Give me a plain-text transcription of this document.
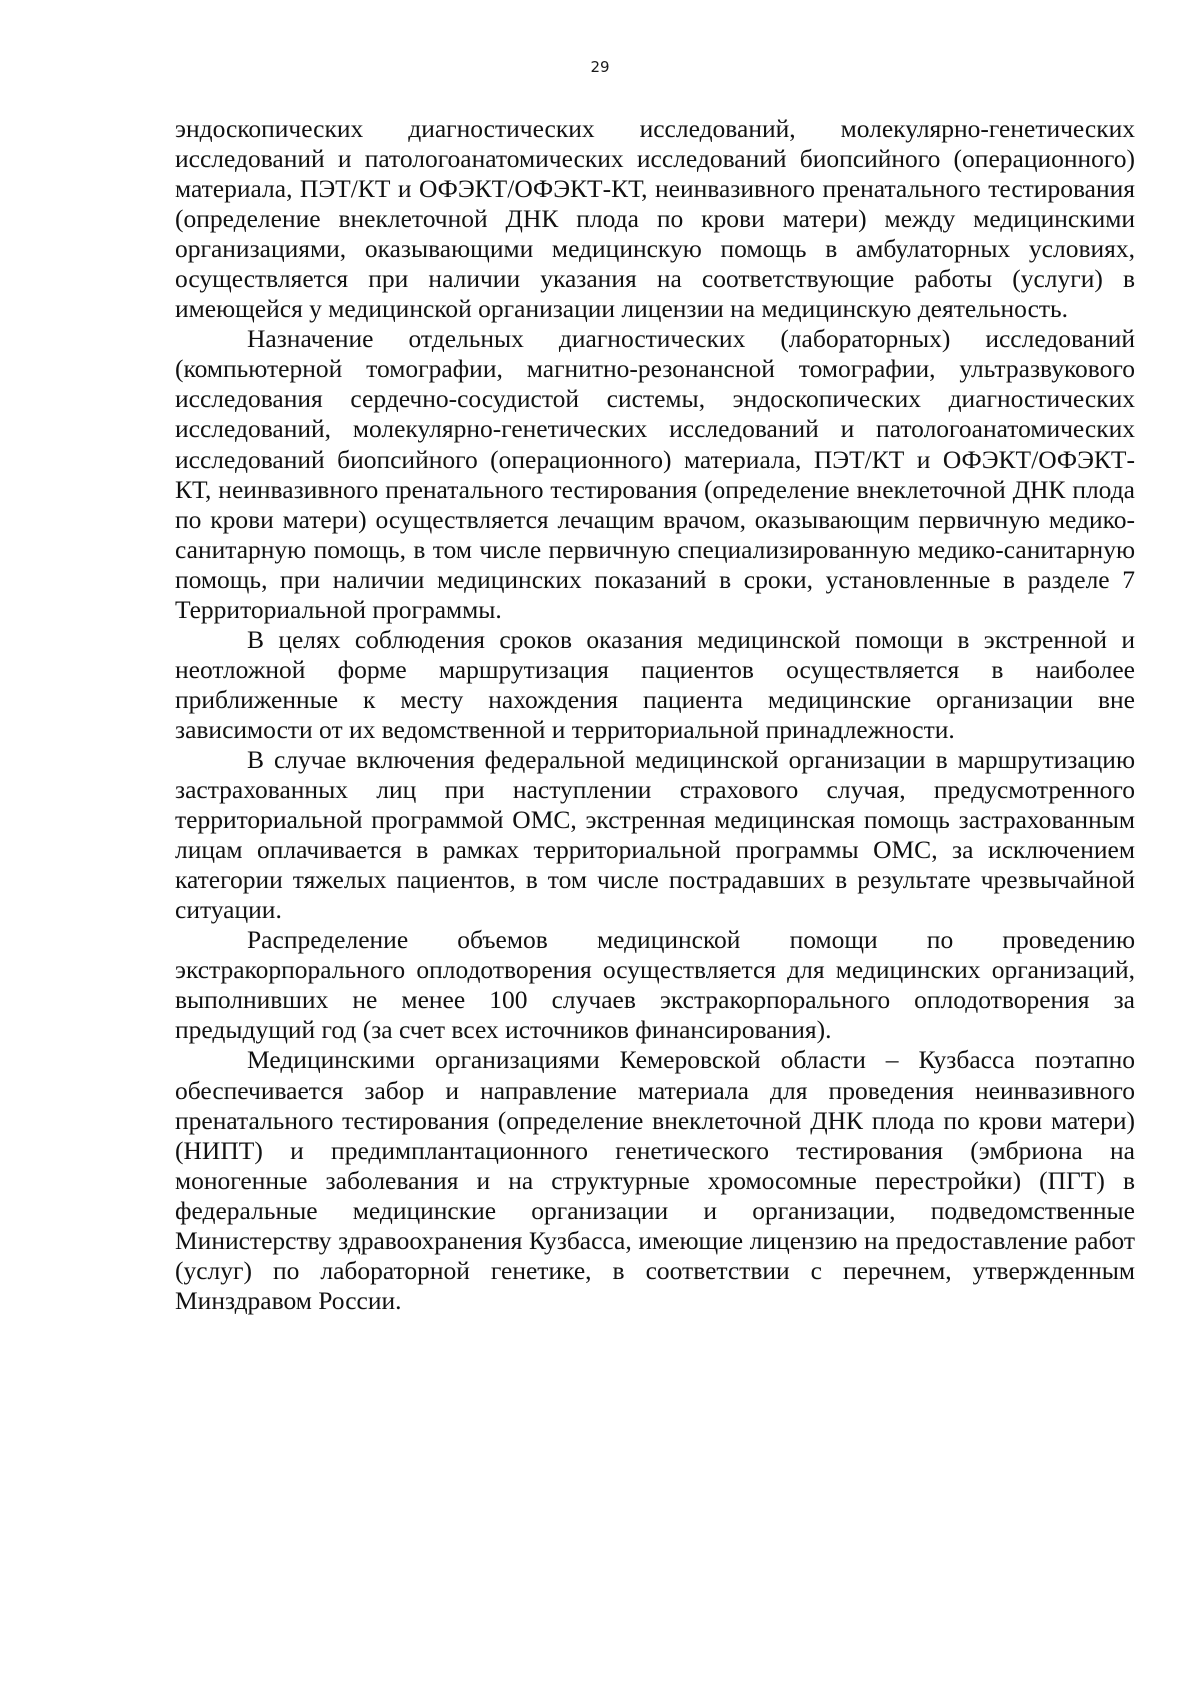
29

эндоскопических диагностических исследований, молекулярно-генетических исследований и патологоанатомических исследований биопсийного (операционного) материала, ПЭТ/КТ и ОФЭКТ/ОФЭКТ-КТ, неинвазивного пренатального тестирования (определение внеклеточной ДНК плода по крови матери) между медицинскими организациями, оказывающими медицинскую помощь в амбулаторных условиях, осуществляется при наличии указания на соответствующие работы (услуги) в имеющейся у медицинской организации лицензии на медицинскую деятельность.

Назначение отдельных диагностических (лабораторных) исследований (компьютерной томографии, магнитно-резонансной томографии, ультразвукового исследования сердечно-сосудистой системы, эндоскопических диагностических исследований, молекулярно-генетических исследований и патологоанатомических исследований биопсийного (операционного) материала, ПЭТ/КТ и ОФЭКТ/ОФЭКТ-КТ, неинвазивного пренатального тестирования (определение внеклеточной ДНК плода по крови матери) осуществляется лечащим врачом, оказывающим первичную медико-санитарную помощь, в том числе первичную специализированную медико-санитарную помощь, при наличии медицинских показаний в сроки, установленные в разделе 7 Территориальной программы.

В целях соблюдения сроков оказания медицинской помощи в экстренной и неотложной форме маршрутизация пациентов осуществляется в наиболее приближенные к месту нахождения пациента медицинские организации вне зависимости от их ведомственной и территориальной принадлежности.

В случае включения федеральной медицинской организации в маршрутизацию застрахованных лиц при наступлении страхового случая, предусмотренного территориальной программой ОМС, экстренная медицинская помощь застрахованным лицам оплачивается в рамках территориальной программы ОМС, за исключением категории тяжелых пациентов, в том числе пострадавших в результате чрезвычайной ситуации.

Распределение объемов медицинской помощи по проведению экстракорпорального оплодотворения осуществляется для медицинских организаций, выполнивших не менее 100 случаев экстракорпорального оплодотворения за предыдущий год (за счет всех источников финансирования).

Медицинскими организациями Кемеровской области – Кузбасса поэтапно обеспечивается забор и направление материала для проведения неинвазивного пренатального тестирования (определение внеклеточной ДНК плода по крови матери) (НИПТ) и предимплантационного генетического тестирования (эмбриона на моногенные заболевания и на структурные хромосомные перестройки) (ПГТ) в федеральные медицинские организации и организации, подведомственные Министерству здравоохранения Кузбасса, имеющие лицензию на предоставление работ (услуг) по лабораторной генетике, в соответствии с перечнем, утвержденным Минздравом России.
